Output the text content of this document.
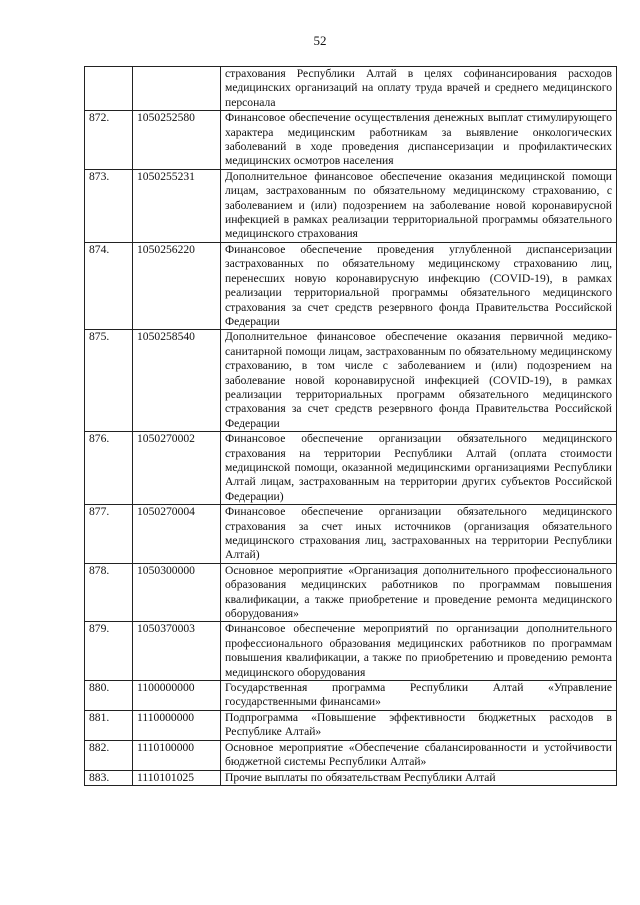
52
		страхования Республики Алтай в целях софинансирования расходов медицинских организаций на оплату труда врачей и среднего медицинского персонала
872.	1050252580	Финансовое обеспечение осуществления денежных выплат стимулирующего характера медицинским работникам за выявление онкологических заболеваний в ходе проведения диспансеризации и профилактических медицинских осмотров населения
873.	1050255231	Дополнительное финансовое обеспечение оказания медицинской помощи лицам, застрахованным по обязательному медицинскому страхованию, с заболеванием и (или) подозрением на заболевание новой коронавирусной инфекцией в рамках реализации территориальной программы обязательного медицинского страхования
874.	1050256220	Финансовое обеспечение проведения углубленной диспансеризации застрахованных по обязательному медицинскому страхованию лиц, перенесших новую коронавирусную инфекцию (COVID-19), в рамках реализации территориальной программы обязательного медицинского страхования за счет средств резервного фонда Правительства Российской Федерации
875.	1050258540	Дополнительное финансовое обеспечение оказания первичной медико-санитарной помощи лицам, застрахованным по обязательному медицинскому страхованию, в том числе с заболеванием и (или) подозрением на заболевание новой коронавирусной инфекцией (COVID-19), в рамках реализации территориальных программ обязательного медицинского страхования за счет средств резервного фонда Правительства Российской Федерации
876.	1050270002	Финансовое обеспечение организации обязательного медицинского страхования на территории Республики Алтай (оплата стоимости медицинской помощи, оказанной медицинскими организациями Республики Алтай лицам, застрахованным на территории других субъектов Российской Федерации)
877.	1050270004	Финансовое обеспечение организации обязательного медицинского страхования за счет иных источников (организация обязательного медицинского страхования лиц, застрахованных на территории Республики Алтай)
878.	1050300000	Основное мероприятие «Организация дополнительного профессионального образования медицинских работников по программам повышения квалификации, а также приобретение и проведение ремонта медицинского оборудования»
879.	1050370003	Финансовое обеспечение мероприятий по организации дополнительного профессионального образования медицинских работников по программам повышения квалификации, а также по приобретению и проведению ремонта медицинского оборудования
880.	1100000000	Государственная программа Республики Алтай «Управление государственными финансами»
881.	1110000000	Подпрограмма «Повышение эффективности бюджетных расходов в Республике Алтай»
882.	1110100000	Основное мероприятие «Обеспечение сбалансированности и устойчивости бюджетной системы Республики Алтай»
883.	1110101025	Прочие выплаты по обязательствам Республики Алтай
